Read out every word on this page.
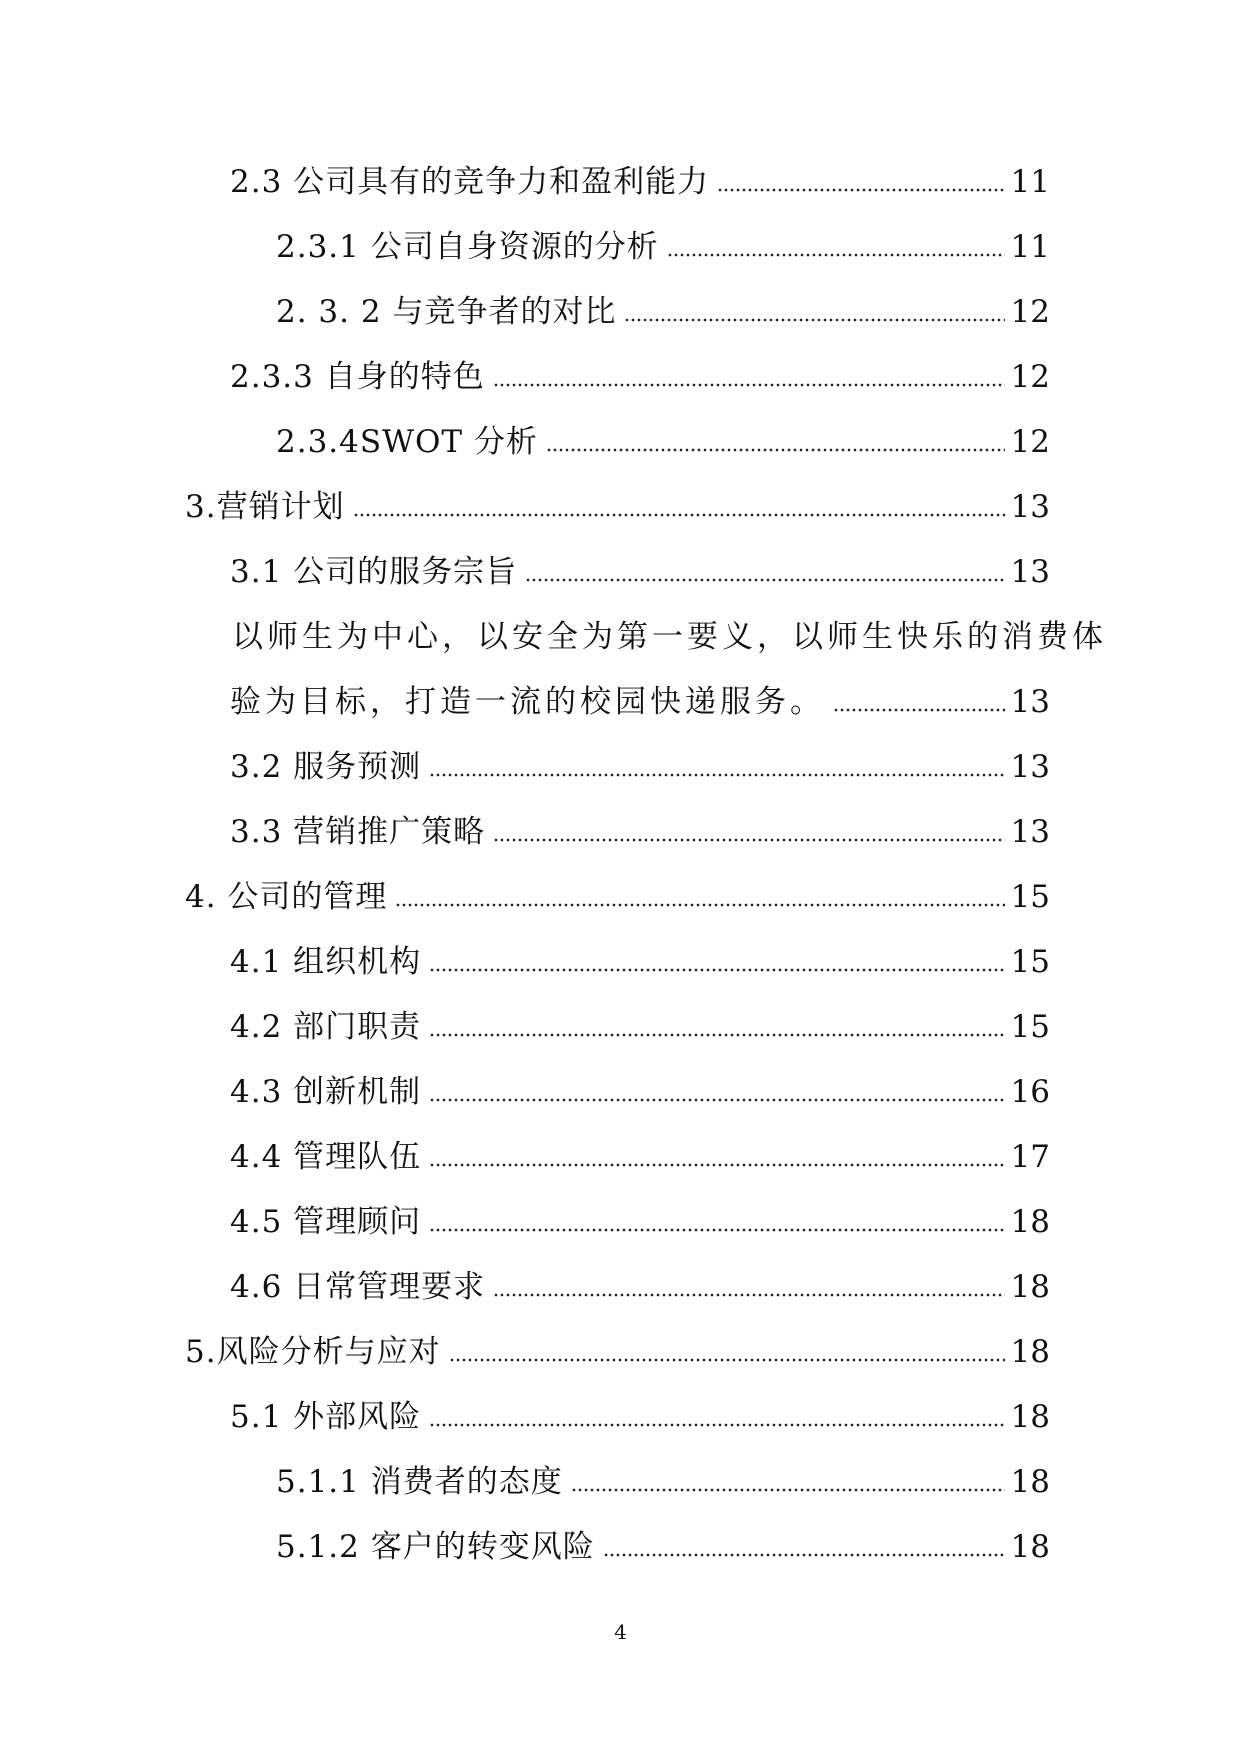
2.3 公司具有的竞争力和盈利能力	11
2.3.1 公司自身资源的分析	11
2. 3. 2 与竞争者的对比	12
2.3.3 自身的特色	12
2.3.4SWOT 分析	12
3.营销计划	13
3.1 公司的服务宗旨	13
以师生为中心，以安全为第一要义，以师生快乐的消费体
验为目标，打造一流的校园快递服务。	13
3.2 服务预测	13
3.3 营销推广策略	13
4. 公司的管理	15
4.1 组织机构	15
4.2 部门职责	15
4.3 创新机制	16
4.4 管理队伍	17
4.5 管理顾问	18
4.6 日常管理要求	18
5.风险分析与应对	18
5.1 外部风险	18
5.1.1 消费者的态度	18
5.1.2 客户的转变风险	18
4
